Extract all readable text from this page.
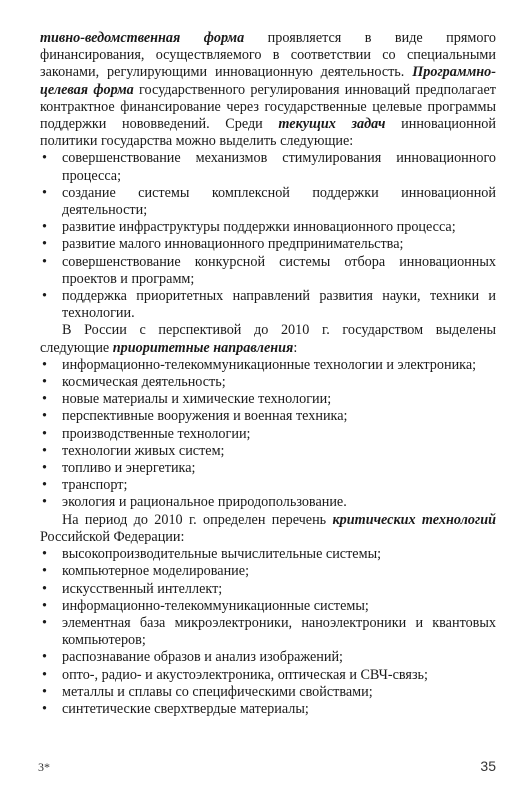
тивно-ведомственная форма проявляется в виде прямого финансирования, осуществляемого в соответствии со специальными законами, регулирующими инновационную деятельность. Программно-целевая форма государственного регулирования инноваций предполагает контрактное финансирование через государственные целевые программы поддержки нововведений. Среди текущих задач инновационной политики государства можно выделить следующие:

• совершенствование механизмов стимулирования инновационного процесса;
• создание системы комплексной поддержки инновационной деятельности;
• развитие инфраструктуры поддержки инновационного процесса;
• развитие малого инновационного предпринимательства;
• совершенствование конкурсной системы отбора инновационных проектов и программ;
• поддержка приоритетных направлений развития науки, техники и технологии.

В России с перспективой до 2010 г. государством выделены следующие приоритетные направления:

• информационно-телекоммуникационные технологии и электроника;
• космическая деятельность;
• новые материалы и химические технологии;
• перспективные вооружения и военная техника;
• производственные технологии;
• технологии живых систем;
• топливо и энергетика;
• транспорт;
• экология и рациональное природопользование.

На период до 2010 г. определен перечень критических технологий Российской Федерации:

• высокопроизводительные вычислительные системы;
• компьютерное моделирование;
• искусственный интеллект;
• информационно-телекоммуникационные системы;
• элементная база микроэлектроники, наноэлектроники и квантовых компьютеров;
• распознавание образов и анализ изображений;
• опто-, радио- и акустоэлектроника, оптическая и СВЧ-связь;
• металлы и сплавы со специфическими свойствами;
• синтетические сверхтвердые материалы;
3*	35
